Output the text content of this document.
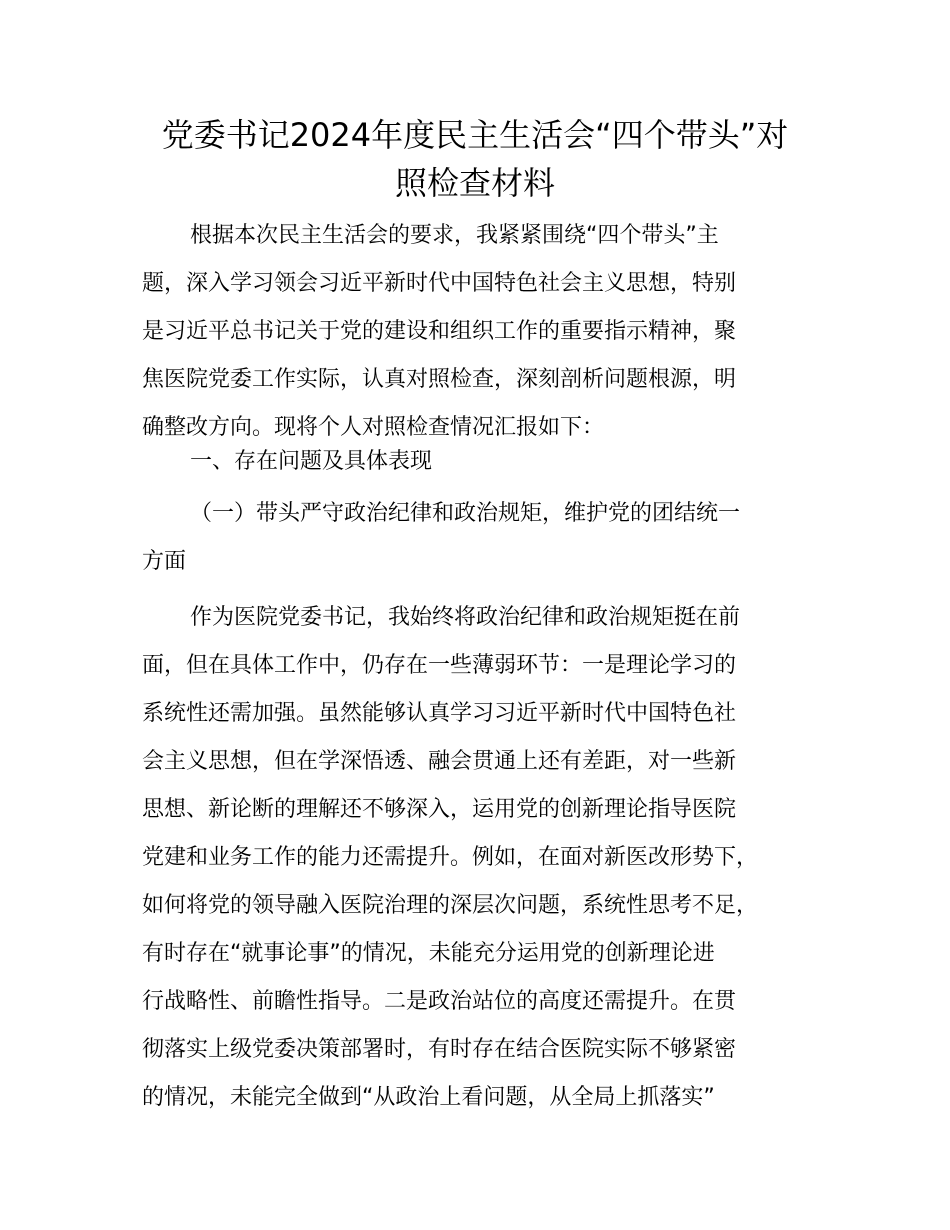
党委书记2024年度民主生活会“四个带头”对
照检查材料

根据本次民主生活会的要求，我紧紧围绕“四个带头”主
题，深入学习领会习近平新时代中国特色社会主义思想，特别
是习近平总书记关于党的建设和组织工作的重要指示精神，聚
焦医院党委工作实际，认真对照检查，深刻剖析问题根源，明
确整改方向。现将个人对照检查情况汇报如下：

一、存在问题及具体表现

（一）带头严守政治纪律和政治规矩，维护党的团结统一
方面

作为医院党委书记，我始终将政治纪律和政治规矩挺在前
面，但在具体工作中，仍存在一些薄弱环节：一是理论学习的
系统性还需加强。虽然能够认真学习习近平新时代中国特色社
会主义思想，但在学深悟透、融会贯通上还有差距，对一些新
思想、新论断的理解还不够深入，运用党的创新理论指导医院
党建和业务工作的能力还需提升。例如，在面对新医改形势下，
如何将党的领导融入医院治理的深层次问题，系统性思考不足，
有时存在“就事论事”的情况，未能充分运用党的创新理论进
行战略性、前瞻性指导。二是政治站位的高度还需提升。在贯
彻落实上级党委决策部署时，有时存在结合医院实际不够紧密
的情况，未能完全做到“从政治上看问题，从全局上抓落实”
